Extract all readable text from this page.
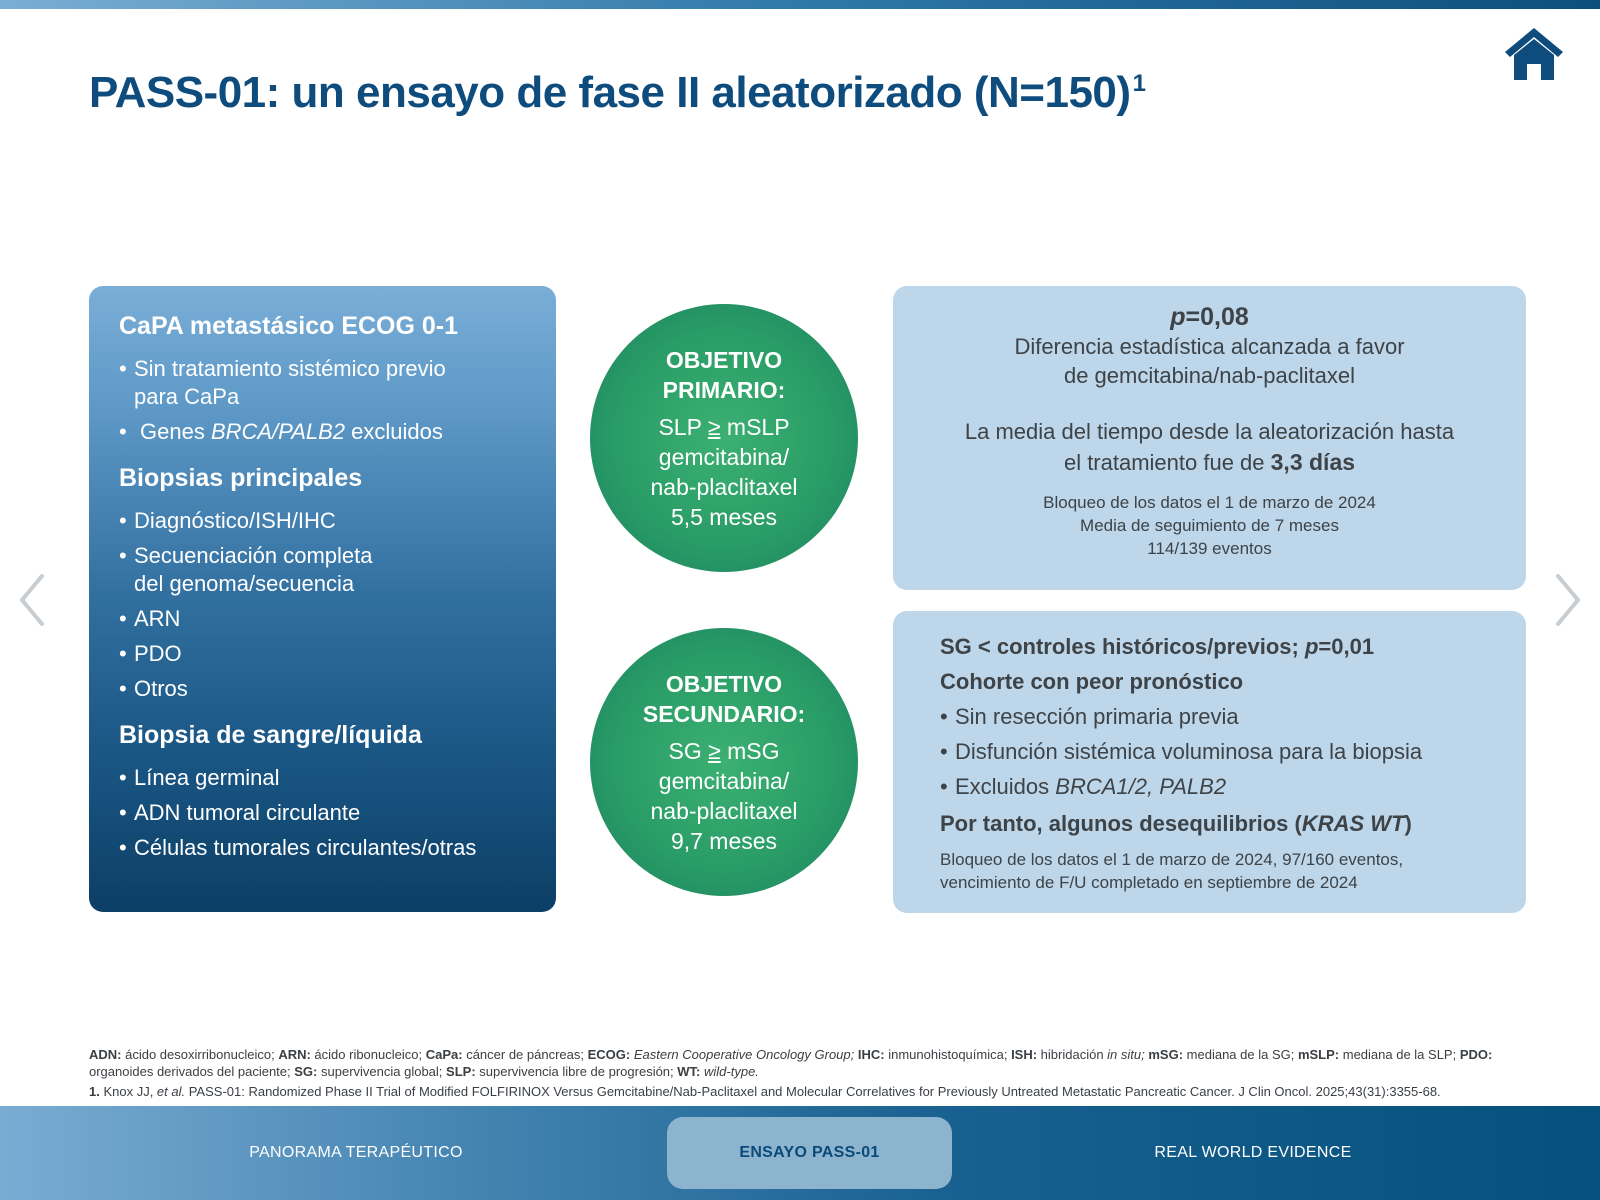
PASS-01: un ensayo de fase II aleatorizado (N=150)$^1$
CaPA metastásico ECOG 0-1
• Sin tratamiento sistémico previo
para CaPa
• Genes BRCA/PALB2 excluidos
Biopsias principales
• Diagnóstico/ISH/IHC
• Secuenciación completa
del genoma/secuencia
• ARN
• PDO
• Otros
Biopsia de sangre/líquida
• Línea germinal
• ADN tumoral circulante
• Células tumorales circulantes/otras
OBJETIVO
PRIMARIO:
SLP ≥ mSLP
gemcitabina/
nab-placlitaxel
5,5 meses
OBJETIVO
SECUNDARIO:
SG ≥ mSG
gemcitabina/
nab-placlitaxel
9,7 meses
p=0,08
Diferencia estadística alcanzada a favor
de gemcitabina/nab-paclitaxel
La media del tiempo desde la aleatorización hasta
el tratamiento fue de 3,3 días
Bloqueo de los datos el 1 de marzo de 2024
Media de seguimiento de 7 meses
114/139 eventos
SG < controles históricos/previos; p=0,01
Cohorte con peor pronóstico
• Sin resección primaria previa
• Disfunción sistémica voluminosa para la biopsia
• Excluidos BRCA1/2, PALB2
Por tanto, algunos desequilibrios (KRAS WT)
Bloqueo de los datos el 1 de marzo de 2024, 97/160 eventos,
vencimiento de F/U completado en septiembre de 2024
ADN: ácido desoxirribonucleico; ARN: ácido ribonucleico; CaPa: cáncer de páncreas; ECOG: Eastern Cooperative Oncology Group; IHC: inmunohistoquímica; ISH: hibridación in situ; mSG: mediana de la SG; mSLP: mediana de la SLP; PDO: organoides derivados del paciente; SG: supervivencia global; SLP: supervivencia libre de progresión; WT: wild-type.
1. Knox JJ, et al. PASS-01: Randomized Phase II Trial of Modified FOLFIRINOX Versus Gemcitabine/Nab-Paclitaxel and Molecular Correlatives for Previously Untreated Metastatic Pancreatic Cancer. J Clin Oncol. 2025;43(31):3355-68.
PANORAMA TERAPÉUTICO	ENSAYO PASS-01	REAL WORLD EVIDENCE
